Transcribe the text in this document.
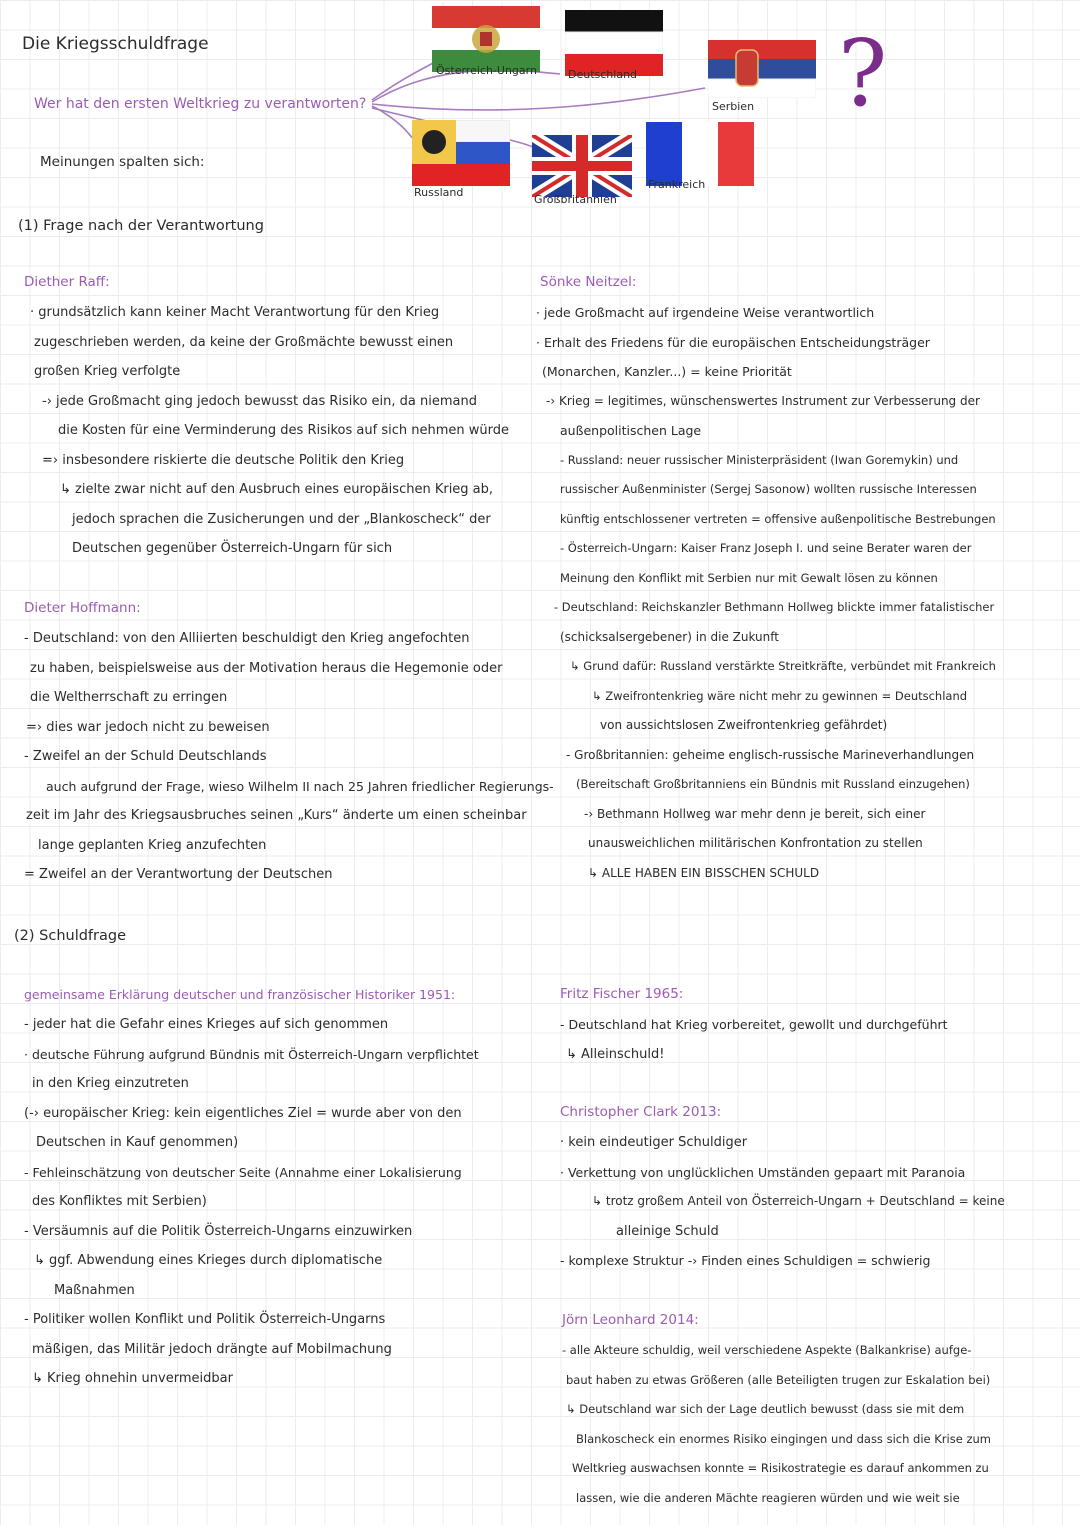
Die Kriegsschuldfrage
Wer hat den ersten Weltkrieg zu verantworten?
Meinungen spalten sich:
Österreich-Ungarn	Deutschland
Serbien ?
Russland
Großbritannien
Frankreich
(1) Frage nach der Verantwortung
Diether Raff:
· grundsätzlich kann keiner Macht Verantwortung für den Krieg
zugeschrieben werden, da keine der Großmächte bewusst einen
großen Krieg verfolgte
-› jede Großmacht ging jedoch bewusst das Risiko ein, da niemand
die Kosten für eine Verminderung des Risikos auf sich nehmen würde
=› insbesondere riskierte die deutsche Politik den Krieg
↳ zielte zwar nicht auf den Ausbruch eines europäischen Krieg ab,
jedoch sprachen die Zusicherungen und der „Blankoscheck“ der
Deutschen gegenüber Österreich-Ungarn für sich
Dieter Hoffmann:
- Deutschland: von den Alliierten beschuldigt den Krieg angefochten
zu haben, beispielsweise aus der Motivation heraus die Hegemonie oder
die Weltherrschaft zu erringen
=› dies war jedoch nicht zu beweisen
- Zweifel an der Schuld Deutschlands
auch aufgrund der Frage, wieso Wilhelm II nach 25 Jahren friedlicher Regierungs-
zeit im Jahr des Kriegsausbruches seinen „Kurs“ änderte um einen scheinbar
lange geplanten Krieg anzufechten
= Zweifel an der Verantwortung der Deutschen
Sönke Neitzel:
· jede Großmacht auf irgendeine Weise verantwortlich
· Erhalt des Friedens für die europäischen Entscheidungsträger
(Monarchen, Kanzler...) = keine Priorität
-› Krieg = legitimes, wünschenswertes Instrument zur Verbesserung der
außenpolitischen Lage
- Russland: neuer russischer Ministerpräsident (Iwan Goremykin) und
russischer Außenminister (Sergej Sasonow) wollten russische Interessen
künftig entschlossener vertreten = offensive außenpolitische Bestrebungen
- Österreich-Ungarn: Kaiser Franz Joseph I. und seine Berater waren der
Meinung den Konflikt mit Serbien nur mit Gewalt lösen zu können
- Deutschland: Reichskanzler Bethmann Hollweg blickte immer fatalistischer
(schicksalsergebener) in die Zukunft
↳ Grund dafür: Russland verstärkte Streitkräfte, verbündet mit Frankreich
↳ Zweifrontenkrieg wäre nicht mehr zu gewinnen = Deutschland
von aussichtslosen Zweifrontenkrieg gefährdet)
- Großbritannien: geheime englisch-russische Marineverhandlungen
(Bereitschaft Großbritanniens ein Bündnis mit Russland einzugehen)
-› Bethmann Hollweg war mehr denn je bereit, sich einer
unausweichlichen militärischen Konfrontation zu stellen
↳ ALLE HABEN EIN BISSCHEN SCHULD
(2) Schuldfrage
gemeinsame Erklärung deutscher und französischer Historiker 1951:
- jeder hat die Gefahr eines Krieges auf sich genommen
· deutsche Führung aufgrund Bündnis mit Österreich-Ungarn verpflichtet
in den Krieg einzutreten
(-› europäischer Krieg: kein eigentliches Ziel = wurde aber von den
Deutschen in Kauf genommen)
- Fehleinschätzung von deutscher Seite (Annahme einer Lokalisierung
des Konfliktes mit Serbien)
- Versäumnis auf die Politik Österreich-Ungarns einzuwirken
↳ ggf. Abwendung eines Krieges durch diplomatische
Maßnahmen
- Politiker wollen Konflikt und Politik Österreich-Ungarns
mäßigen, das Militär jedoch drängte auf Mobilmachung
↳ Krieg ohnehin unvermeidbar
Fritz Fischer 1965:
- Deutschland hat Krieg vorbereitet, gewollt und durchgeführt
↳ Alleinschuld!
Christopher Clark 2013:
· kein eindeutiger Schuldiger
· Verkettung von unglücklichen Umständen gepaart mit Paranoia
↳ trotz großem Anteil von Österreich-Ungarn + Deutschland = keine
alleinige Schuld
- komplexe Struktur -› Finden eines Schuldigen = schwierig
Jörn Leonhard 2014:
- alle Akteure schuldig, weil verschiedene Aspekte (Balkankrise) aufge-
baut haben zu etwas Größeren (alle Beteiligten trugen zur Eskalation bei)
↳ Deutschland war sich der Lage deutlich bewusst (dass sie mit dem
Blankoscheck ein enormes Risiko eingingen und dass sich die Krise zum
Weltkrieg auswachsen konnte = Risikostrategie es darauf ankommen zu
lassen, wie die anderen Mächte reagieren würden und wie weit sie
